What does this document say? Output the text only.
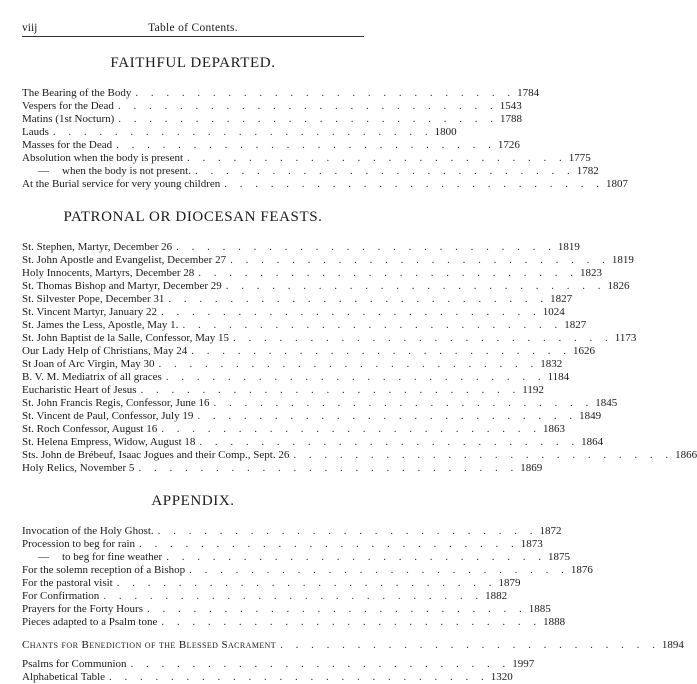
viij	Table of Contents.
FAITHFUL DEPARTED.
The Bearing of the Body . . . . . . . . . . . . . . . . . . . . . . . . . 1784
Vespers for the Dead . . . . . . . . . . . . . . . . . . . . . . . . . 1543
Matins (1st Nocturn) . . . . . . . . . . . . . . . . . . . . . . . . . 1788
Lauds . . . . . . . . . . . . . . . . . . . . . . . . . 1800
Masses for the Dead . . . . . . . . . . . . . . . . . . . . . . . . . 1726
Absolution when the body is present . . . . . . . . . . . . . . . . . . . . . . . . . 1775
— when the body is not present. . . . . . . . . . . . . . . . . . . . . . . . . . 1782
At the Burial service for very young children . . . . . . . . . . . . . . . . . . . . . . . . . 1807
PATRONAL OR DIOCESAN FEASTS.
St. Stephen, Martyr, December 26 . . . . . . . . . . . . . . . . . . . . . . . . . 1819
St. John Apostle and Evangelist, December 27 . . . . . . . . . . . . . . . . . . . . . . . . . 1819
Holy Innocents, Martyrs, December 28 . . . . . . . . . . . . . . . . . . . . . . . . . 1823
St. Thomas Bishop and Martyr, December 29 . . . . . . . . . . . . . . . . . . . . . . . . . 1826
St. Silvester Pope, December 31 . . . . . . . . . . . . . . . . . . . . . . . . . 1827
St. Vincent Martyr, January 22 . . . . . . . . . . . . . . . . . . . . . . . . . 1024
St. James the Less, Apostle, May 1. . . . . . . . . . . . . . . . . . . . . . . . . . 1827
St. John Baptist de la Salle, Confessor, May 15 . . . . . . . . . . . . . . . . . . . . . . . . . 1173
Our Lady Help of Christians, May 24 . . . . . . . . . . . . . . . . . . . . . . . . . 1626
St Joan of Arc Virgin, May 30 . . . . . . . . . . . . . . . . . . . . . . . . . 1832
B. V. M. Mediatrix of all graces . . . . . . . . . . . . . . . . . . . . . . . . . 1184
Eucharistic Heart of Jesus . . . . . . . . . . . . . . . . . . . . . . . . . 1192
St. John Francis Regis, Confessor, June 16 . . . . . . . . . . . . . . . . . . . . . . . . . 1845
St. Vincent de Paul, Confessor, July 19 . . . . . . . . . . . . . . . . . . . . . . . . . 1849
St. Roch Confessor, August 16 . . . . . . . . . . . . . . . . . . . . . . . . . 1863
St. Helena Empress, Widow, August 18 . . . . . . . . . . . . . . . . . . . . . . . . . 1864
Sts. John de Brébeuf, Isaac Jogues and their Comp., Sept. 26 . . . . . . . . . . . . . . . . . . . . . . . . . 1866
Holy Relics, November 5 . . . . . . . . . . . . . . . . . . . . . . . . . 1869
APPENDIX.
Invocation of the Holy Ghost. . . . . . . . . . . . . . . . . . . . . . . . . . 1872
Procession to beg for rain . . . . . . . . . . . . . . . . . . . . . . . . . 1873
— to beg for fine weather . . . . . . . . . . . . . . . . . . . . . . . . . 1875
For the solemn reception of a Bishop . . . . . . . . . . . . . . . . . . . . . . . . . 1876
For the pastoral visit . . . . . . . . . . . . . . . . . . . . . . . . . 1879
For Confirmation . . . . . . . . . . . . . . . . . . . . . . . . . 1882
Prayers for the Forty Hours . . . . . . . . . . . . . . . . . . . . . . . . . 1885
Pieces adapted to a Psalm tone . . . . . . . . . . . . . . . . . . . . . . . . . 1888
Chants for Benediction of the Blessed Sacrament . . . . . . . . . . . . . . . . . . . . . . . . . 1894
Psalms for Communion . . . . . . . . . . . . . . . . . . . . . . . . . 1997
Alphabetical Table . . . . . . . . . . . . . . . . . . . . . . . . . 1320
